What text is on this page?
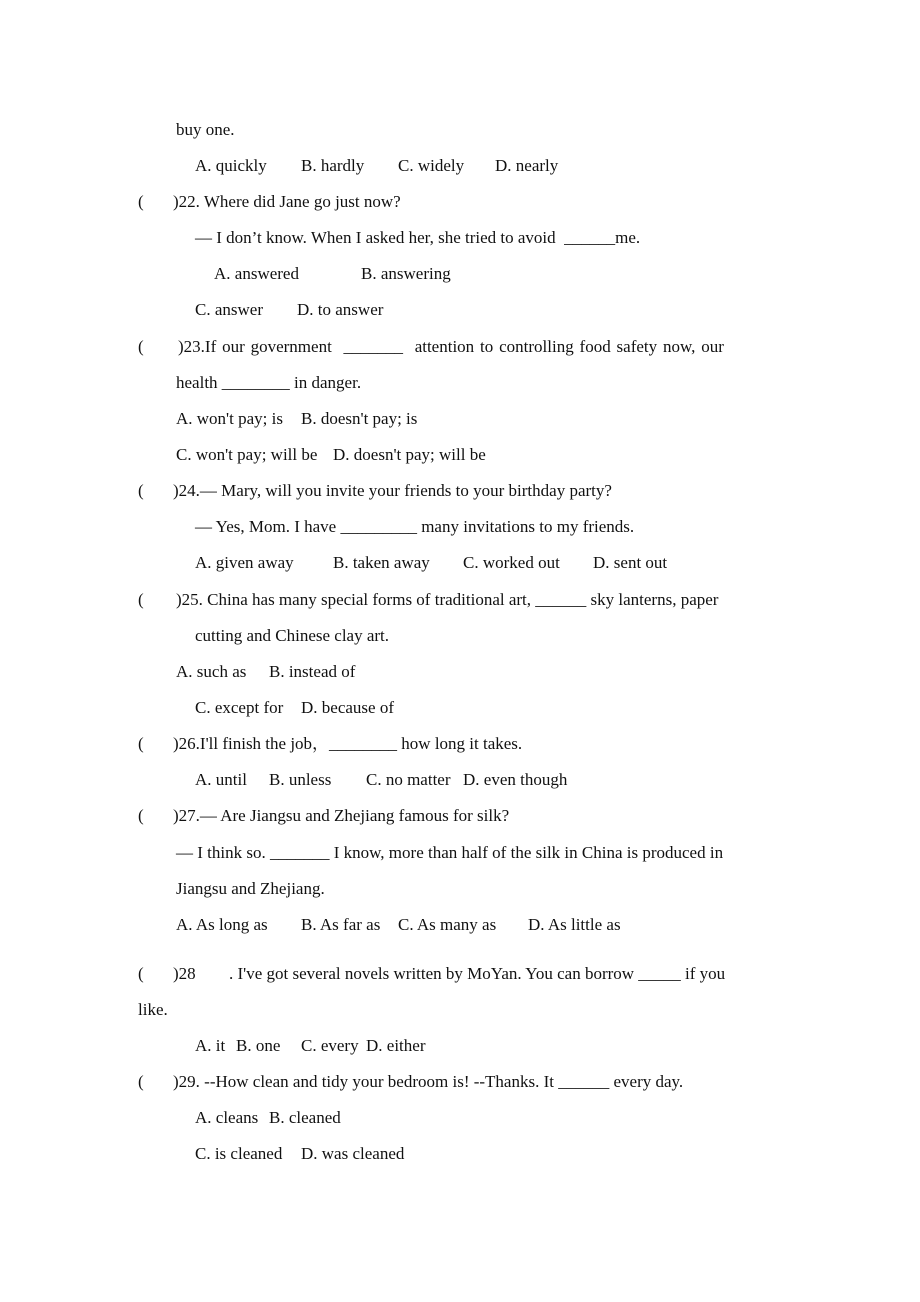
buy one.
A. quickly B. hardly C. widely D. nearly
( )22. Where did Jane go just now?
— I don’t know. When I asked her, she tried to avoid  ______me.
A. answered	B. answering
C. answer D. to answer
( )23.If our government  _______  attention to controlling food safety now, our
health ________ in danger.
A. won't pay; is B. doesn't pay; is
C. won't pay; will be D. doesn't pay; will be
( )24.— Mary, will you invite your friends to your birthday party?
— Yes, Mom. I have _________ many invitations to my friends.
A. given away B. taken away C. worked out D. sent out
( )25. China has many special forms of traditional art, ______ sky lanterns, paper
cutting and Chinese clay art.
A. such as B. instead of
C. except for D. because of
( )26.I'll finish the job，________ how long it takes.
A. until B. unless C. no matter D. even though
( )27.— Are Jiangsu and Zhejiang famous for silk?
— I think so. _______ I know, more than half of the silk in China is produced in
Jiangsu and Zhejiang.
A. As long as B. As far as C. As many as D. As little as
( )28 . I've got several novels written by MoYan. You can borrow _____ if you
like.
A. it B. one C. every D. either
( )29. --How clean and tidy your bedroom is! --Thanks. It ______ every day.
A. cleans B. cleaned
C. is cleaned D. was cleaned
